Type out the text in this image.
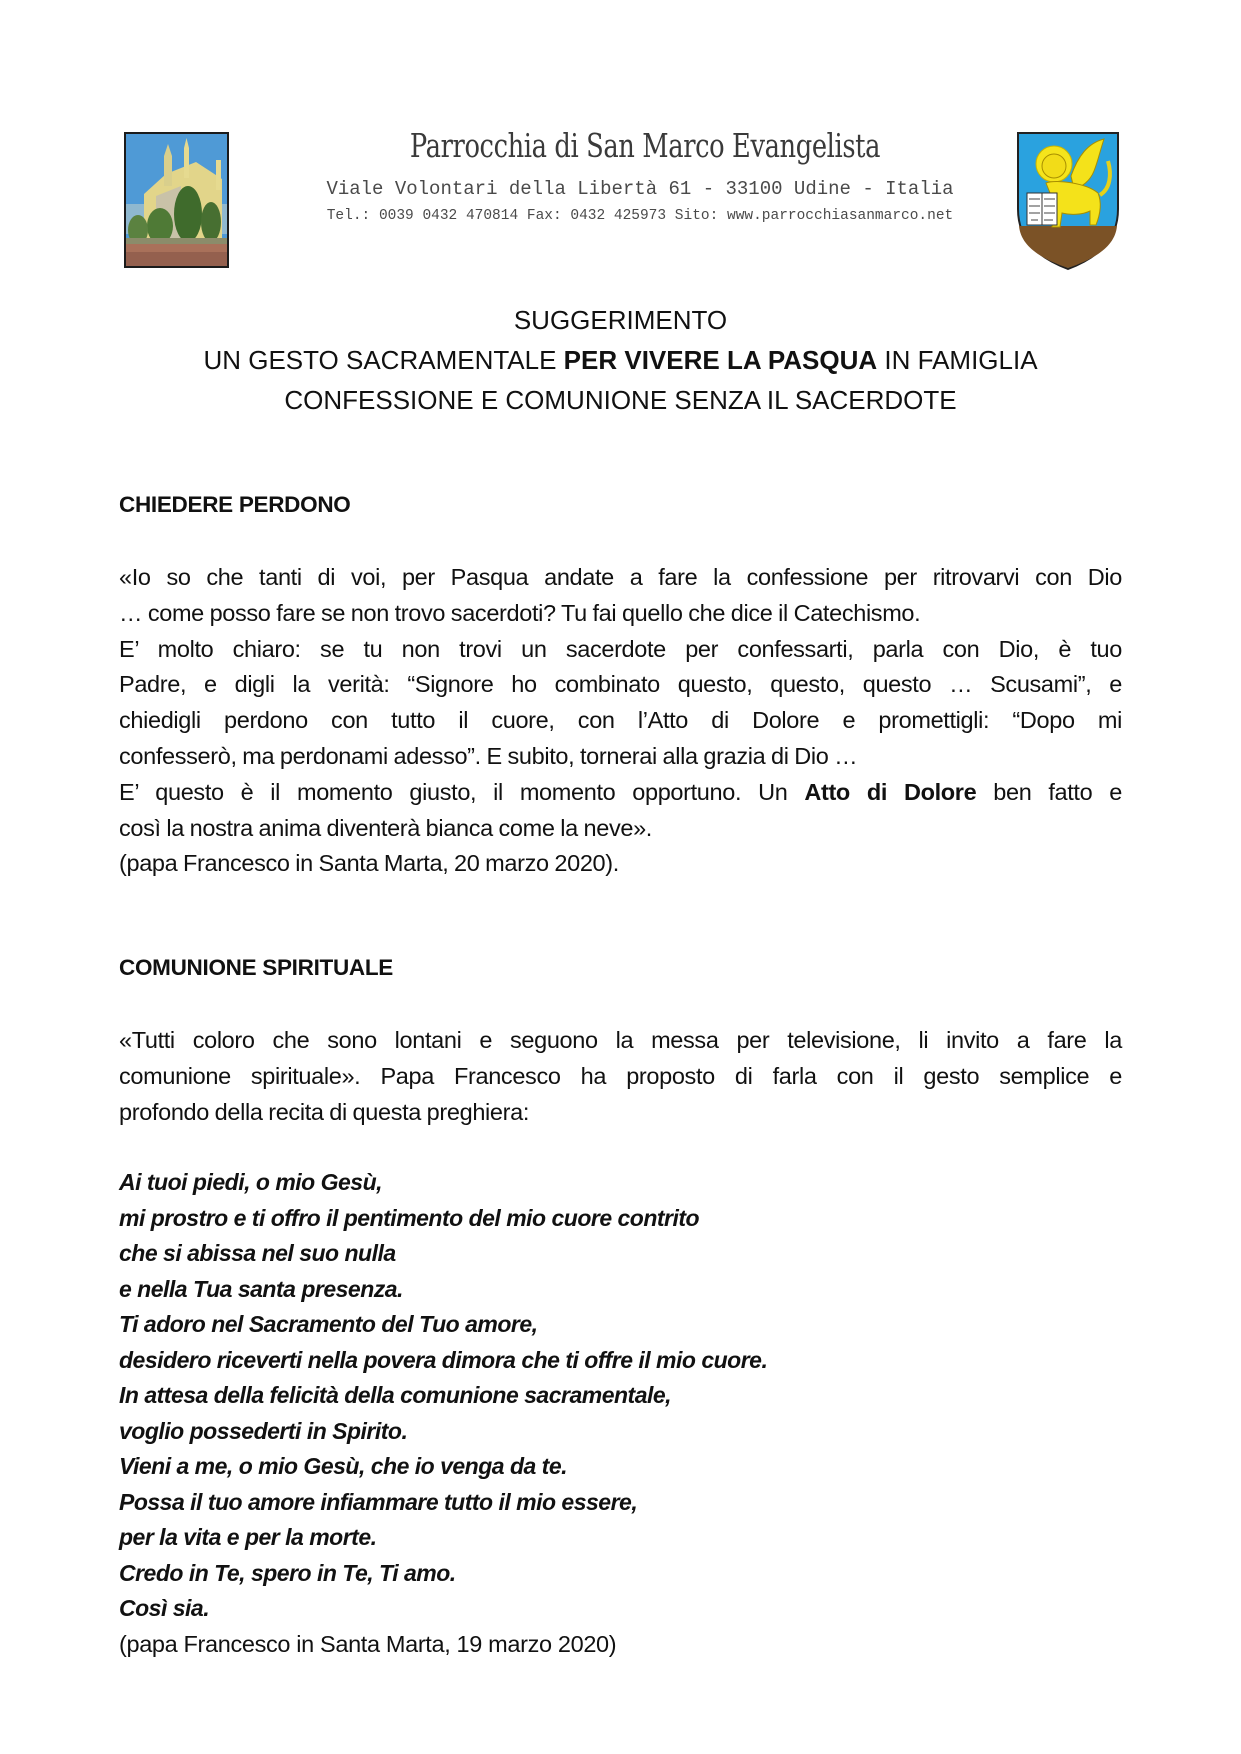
Parrocchia di San Marco Evangelista
Viale Volontari della Libertà 61 - 33100 Udine - Italia
Tel.: 0039 0432 470814 Fax: 0432 425973 Sito: www.parrocchiasanmarco.net
SUGGERIMENTO
UN GESTO SACRAMENTALE PER VIVERE LA PASQUA IN FAMIGLIA
CONFESSIONE E COMUNIONE SENZA IL SACERDOTE
CHIEDERE PERDONO
«Io so che tanti di voi, per Pasqua andate a fare la confessione per ritrovarvi con Dio
… come posso fare se non trovo sacerdoti? Tu fai quello che dice il Catechismo.
E’ molto chiaro: se tu non trovi un sacerdote per confessarti, parla con Dio, è tuo
Padre, e digli la verità: “Signore ho combinato questo, questo, questo … Scusami”, e
chiedigli perdono con tutto il cuore, con l’Atto di Dolore e promettigli: “Dopo mi
confesserò, ma perdonami adesso”. E subito, tornerai alla grazia di Dio …
E’ questo è il momento giusto, il momento opportuno. Un Atto di Dolore ben fatto e
così la nostra anima diventerà bianca come la neve».
(papa Francesco in Santa Marta, 20 marzo 2020).
COMUNIONE SPIRITUALE
«Tutti coloro che sono lontani e seguono la messa per televisione, li invito a fare la
comunione spirituale». Papa Francesco ha proposto di farla con il gesto semplice e
profondo della recita di questa preghiera:
Ai tuoi piedi, o mio Gesù,
mi prostro e ti offro il pentimento del mio cuore contrito
che si abissa nel suo nulla
e nella Tua santa presenza.
Ti adoro nel Sacramento del Tuo amore,
desidero riceverti nella povera dimora che ti offre il mio cuore.
In attesa della felicità della comunione sacramentale,
voglio possederti in Spirito.
Vieni a me, o mio Gesù, che io venga da te.
Possa il tuo amore infiammare tutto il mio essere,
per la vita e per la morte.
Credo in Te, spero in Te, Ti amo.
Così sia.
(papa Francesco in Santa Marta, 19 marzo 2020)
